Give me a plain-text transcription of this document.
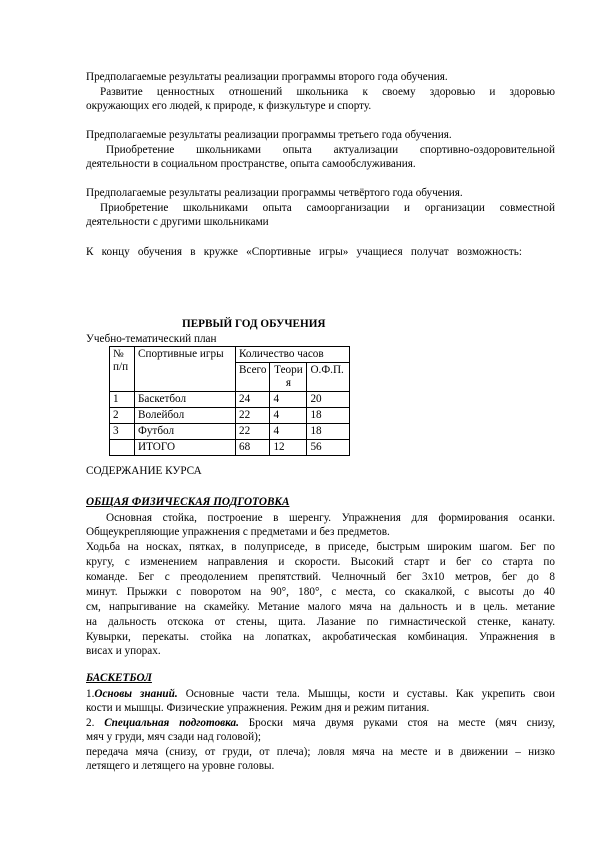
Предполагаемые результаты реализации программы второго года обучения.
Развитие ценностных отношений школьника к своему здоровью и здоровью
окружающих его людей, к природе, к физкультуре и спорту.
Предполагаемые результаты реализации программы третьего года обучения.
Приобретение школьниками опыта актуализации спортивно-оздоровительной
деятельности в социальном пространстве, опыта самообслуживания.
Предполагаемые результаты реализации программы четвёртого года обучения.
Приобретение школьниками опыта самоорганизации и организации совместной
деятельности с другими школьниками
К концу обучения в кружке «Спортивные игры» учащиеся получат возможность:
ПЕРВЫЙ ГОД ОБУЧЕНИЯ
Учебно-тематический план
№ п/п	Спортивные игры	Количество часов		
		Всего	Теория	О.Ф.П.
1	Баскетбол	24	4	20
2	Волейбол	22	4	18
3	Футбол	22	4	18
	ИТОГО	68	12	56
СОДЕРЖАНИЕ КУРСА
ОБЩАЯ ФИЗИЧЕСКАЯ ПОДГОТОВКА
Основная стойка, построение в шеренгу. Упражнения для формирования осанки.
Общеукрепляющие упражнения с предметами и без предметов.
Ходьба на носках, пятках, в полуприседе, в приседе, быстрым широким шагом. Бег по
кругу, с изменением направления и скорости. Высокий старт и бег со старта по
команде. Бег с преодолением препятствий. Челночный бег 3х10 метров, бег до 8
минут. Прыжки с поворотом на 90°, 180°, с места, со скакалкой, с высоты до 40
см, напрыгивание на скамейку. Метание малого мяча на дальность и в цель. метание
на дальность отскока от стены, щита. Лазание по гимнастической стенке, канату.
Кувырки, перекаты. стойка на лопатках, акробатическая комбинация. Упражнения в
висах и упорах.
БАСКЕТБОЛ
1.Основы знаний. Основные части тела. Мышцы, кости и суставы. Как укрепить свои
кости и мышцы. Физические упражнения. Режим дня и режим питания.
2. Специальная подготовка. Броски мяча двумя руками стоя на месте (мяч снизу,
мяч у груди, мяч сзади над головой);
передача мяча (снизу, от груди, от плеча); ловля мяча на месте и в движении – низко
летящего и летящего на уровне головы.
